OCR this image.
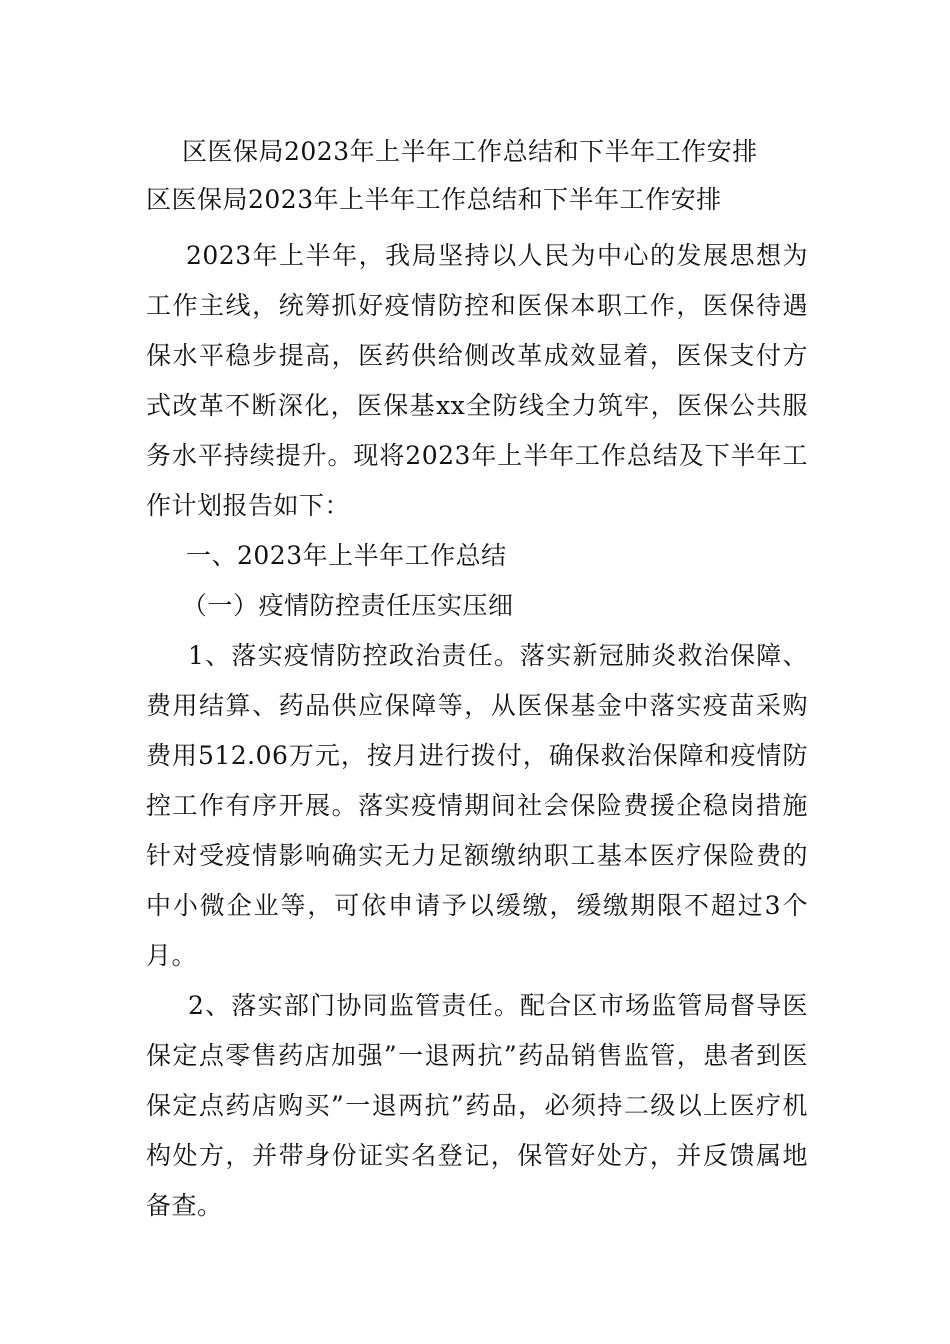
区医保局2023年上半年工作总结和下半年工作安排
区医保局2023年上半年工作总结和下半年工作安排

2023年上半年，我局坚持以人民为中心的发展思想为工作主线，统筹抓好疫情防控和医保本职工作，医保待遇保水平稳步提高，医药供给侧改革成效显着，医保支付方式改革不断深化，医保基xx全防线全力筑牢，医保公共服务水平持续提升。现将2023年上半年工作总结及下半年工作计划报告如下：

一、2023年上半年工作总结

（一）疫情防控责任压实压细

1、落实疫情防控政治责任。落实新冠肺炎救治保障、费用结算、药品供应保障等，从医保基金中落实疫苗采购费用512.06万元，按月进行拨付，确保救治保障和疫情防控工作有序开展。落实疫情期间社会保险费援企稳岗措施针对受疫情影响确实无力足额缴纳职工基本医疗保险费的中小微企业等，可依申请予以缓缴，缓缴期限不超过3个月。

2、落实部门协同监管责任。配合区市场监管局督导医保定点零售药店加强”一退两抗”药品销售监管，患者到医保定点药店购买”一退两抗”药品，必须持二级以上医疗机构处方，并带身份证实名登记，保管好处方，并反馈属地备查。
